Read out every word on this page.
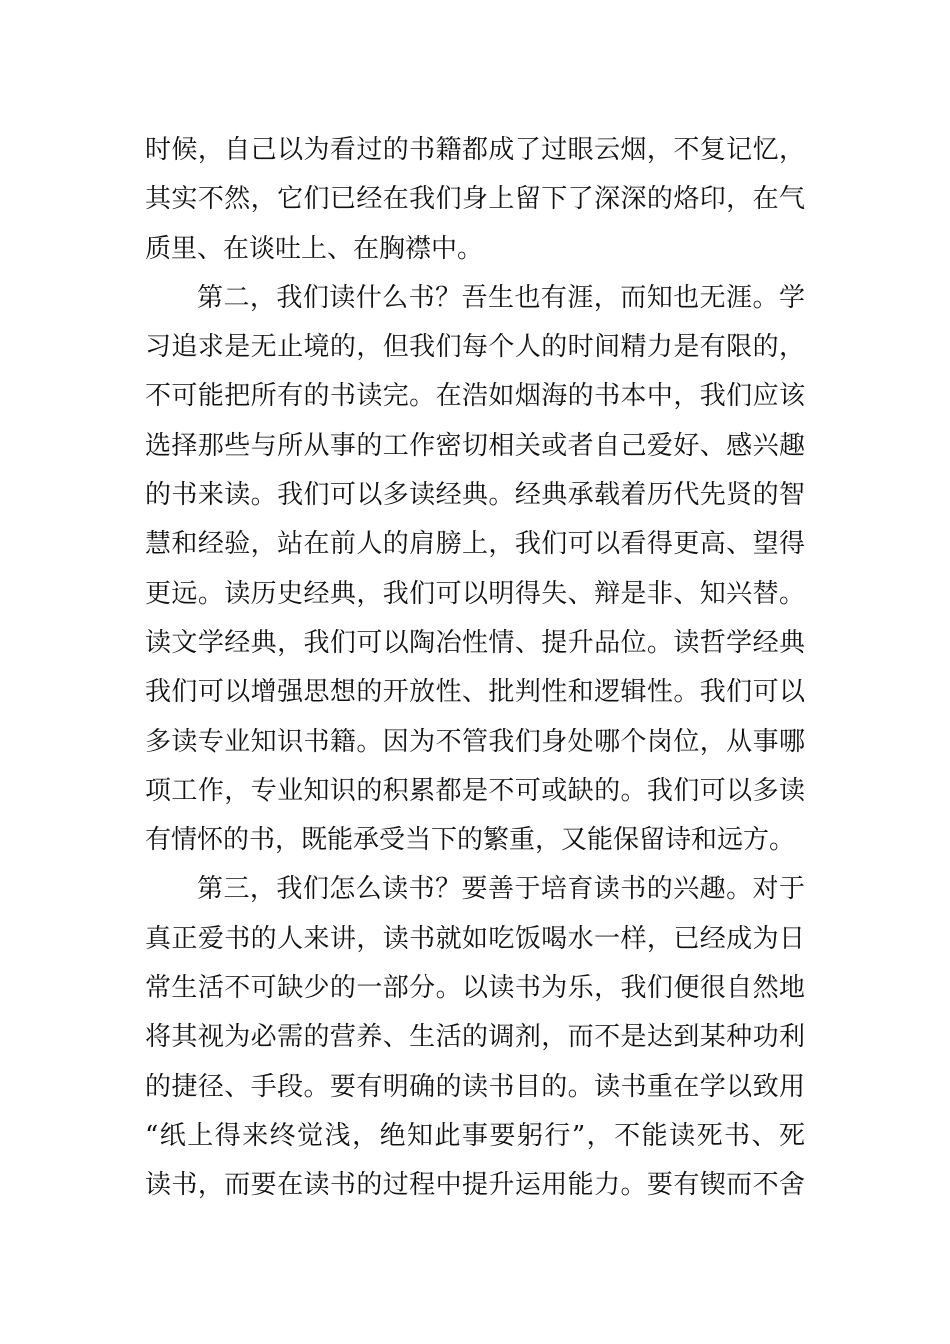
时候，自己以为看过的书籍都成了过眼云烟，不复记忆，
其实不然，它们已经在我们身上留下了深深的烙印，在气
质里、在谈吐上、在胸襟中。
第二，我们读什么书？吾生也有涯，而知也无涯。学
习追求是无止境的，但我们每个人的时间精力是有限的，
不可能把所有的书读完。在浩如烟海的书本中，我们应该
选择那些与所从事的工作密切相关或者自己爱好、感兴趣
的书来读。我们可以多读经典。经典承载着历代先贤的智
慧和经验，站在前人的肩膀上，我们可以看得更高、望得
更远。读历史经典，我们可以明得失、辩是非、知兴替。
读文学经典，我们可以陶冶性情、提升品位。读哲学经典
我们可以增强思想的开放性、批判性和逻辑性。我们可以
多读专业知识书籍。因为不管我们身处哪个岗位，从事哪
项工作，专业知识的积累都是不可或缺的。我们可以多读
有情怀的书，既能承受当下的繁重，又能保留诗和远方。
第三，我们怎么读书？要善于培育读书的兴趣。对于
真正爱书的人来讲，读书就如吃饭喝水一样，已经成为日
常生活不可缺少的一部分。以读书为乐，我们便很自然地
将其视为必需的营养、生活的调剂，而不是达到某种功利
的捷径、手段。要有明确的读书目的。读书重在学以致用
“纸上得来终觉浅，绝知此事要躬行”，不能读死书、死
读书，而要在读书的过程中提升运用能力。要有锲而不舍
